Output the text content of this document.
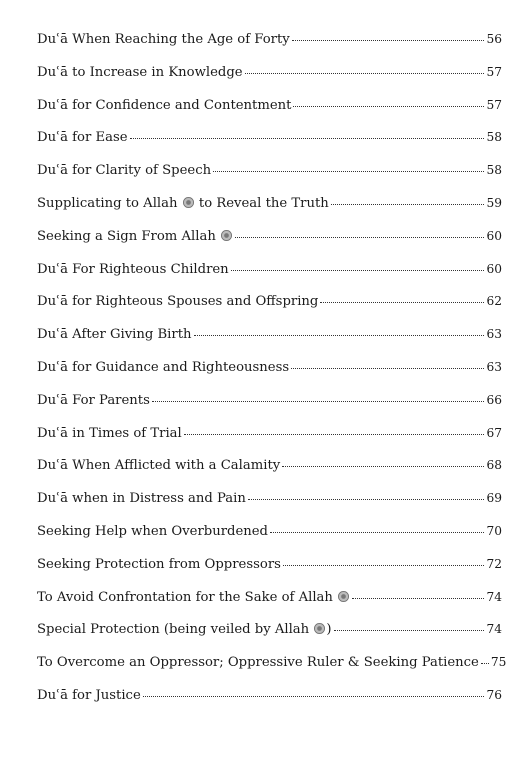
Duʿā When Reaching the Age of Forty	56
Duʿā to Increase in Knowledge	57
Duʿā for Confidence and Contentment	57
Duʿā for Ease	58
Duʿā for Clarity of Speech	58
Supplicating to Allah to Reveal the Truth	59
Seeking a Sign From Allah	60
Duʿā For Righteous Children	60
Duʿā for Righteous Spouses and Offspring	62
Duʿā After Giving Birth	63
Duʿā for Guidance and Righteousness	63
Duʿā For Parents	66
Duʿā in Times of Trial	67
Duʿā When Afflicted with a Calamity	68
Duʿā when in Distress and Pain	69
Seeking Help when Overburdened	70
Seeking Protection from Oppressors	72
To Avoid Confrontation for the Sake of Allah	74
Special Protection (being veiled by Allah )	74
To Overcome an Oppressor; Oppressive Ruler & Seeking Patience 75
Duʿā for Justice	76
